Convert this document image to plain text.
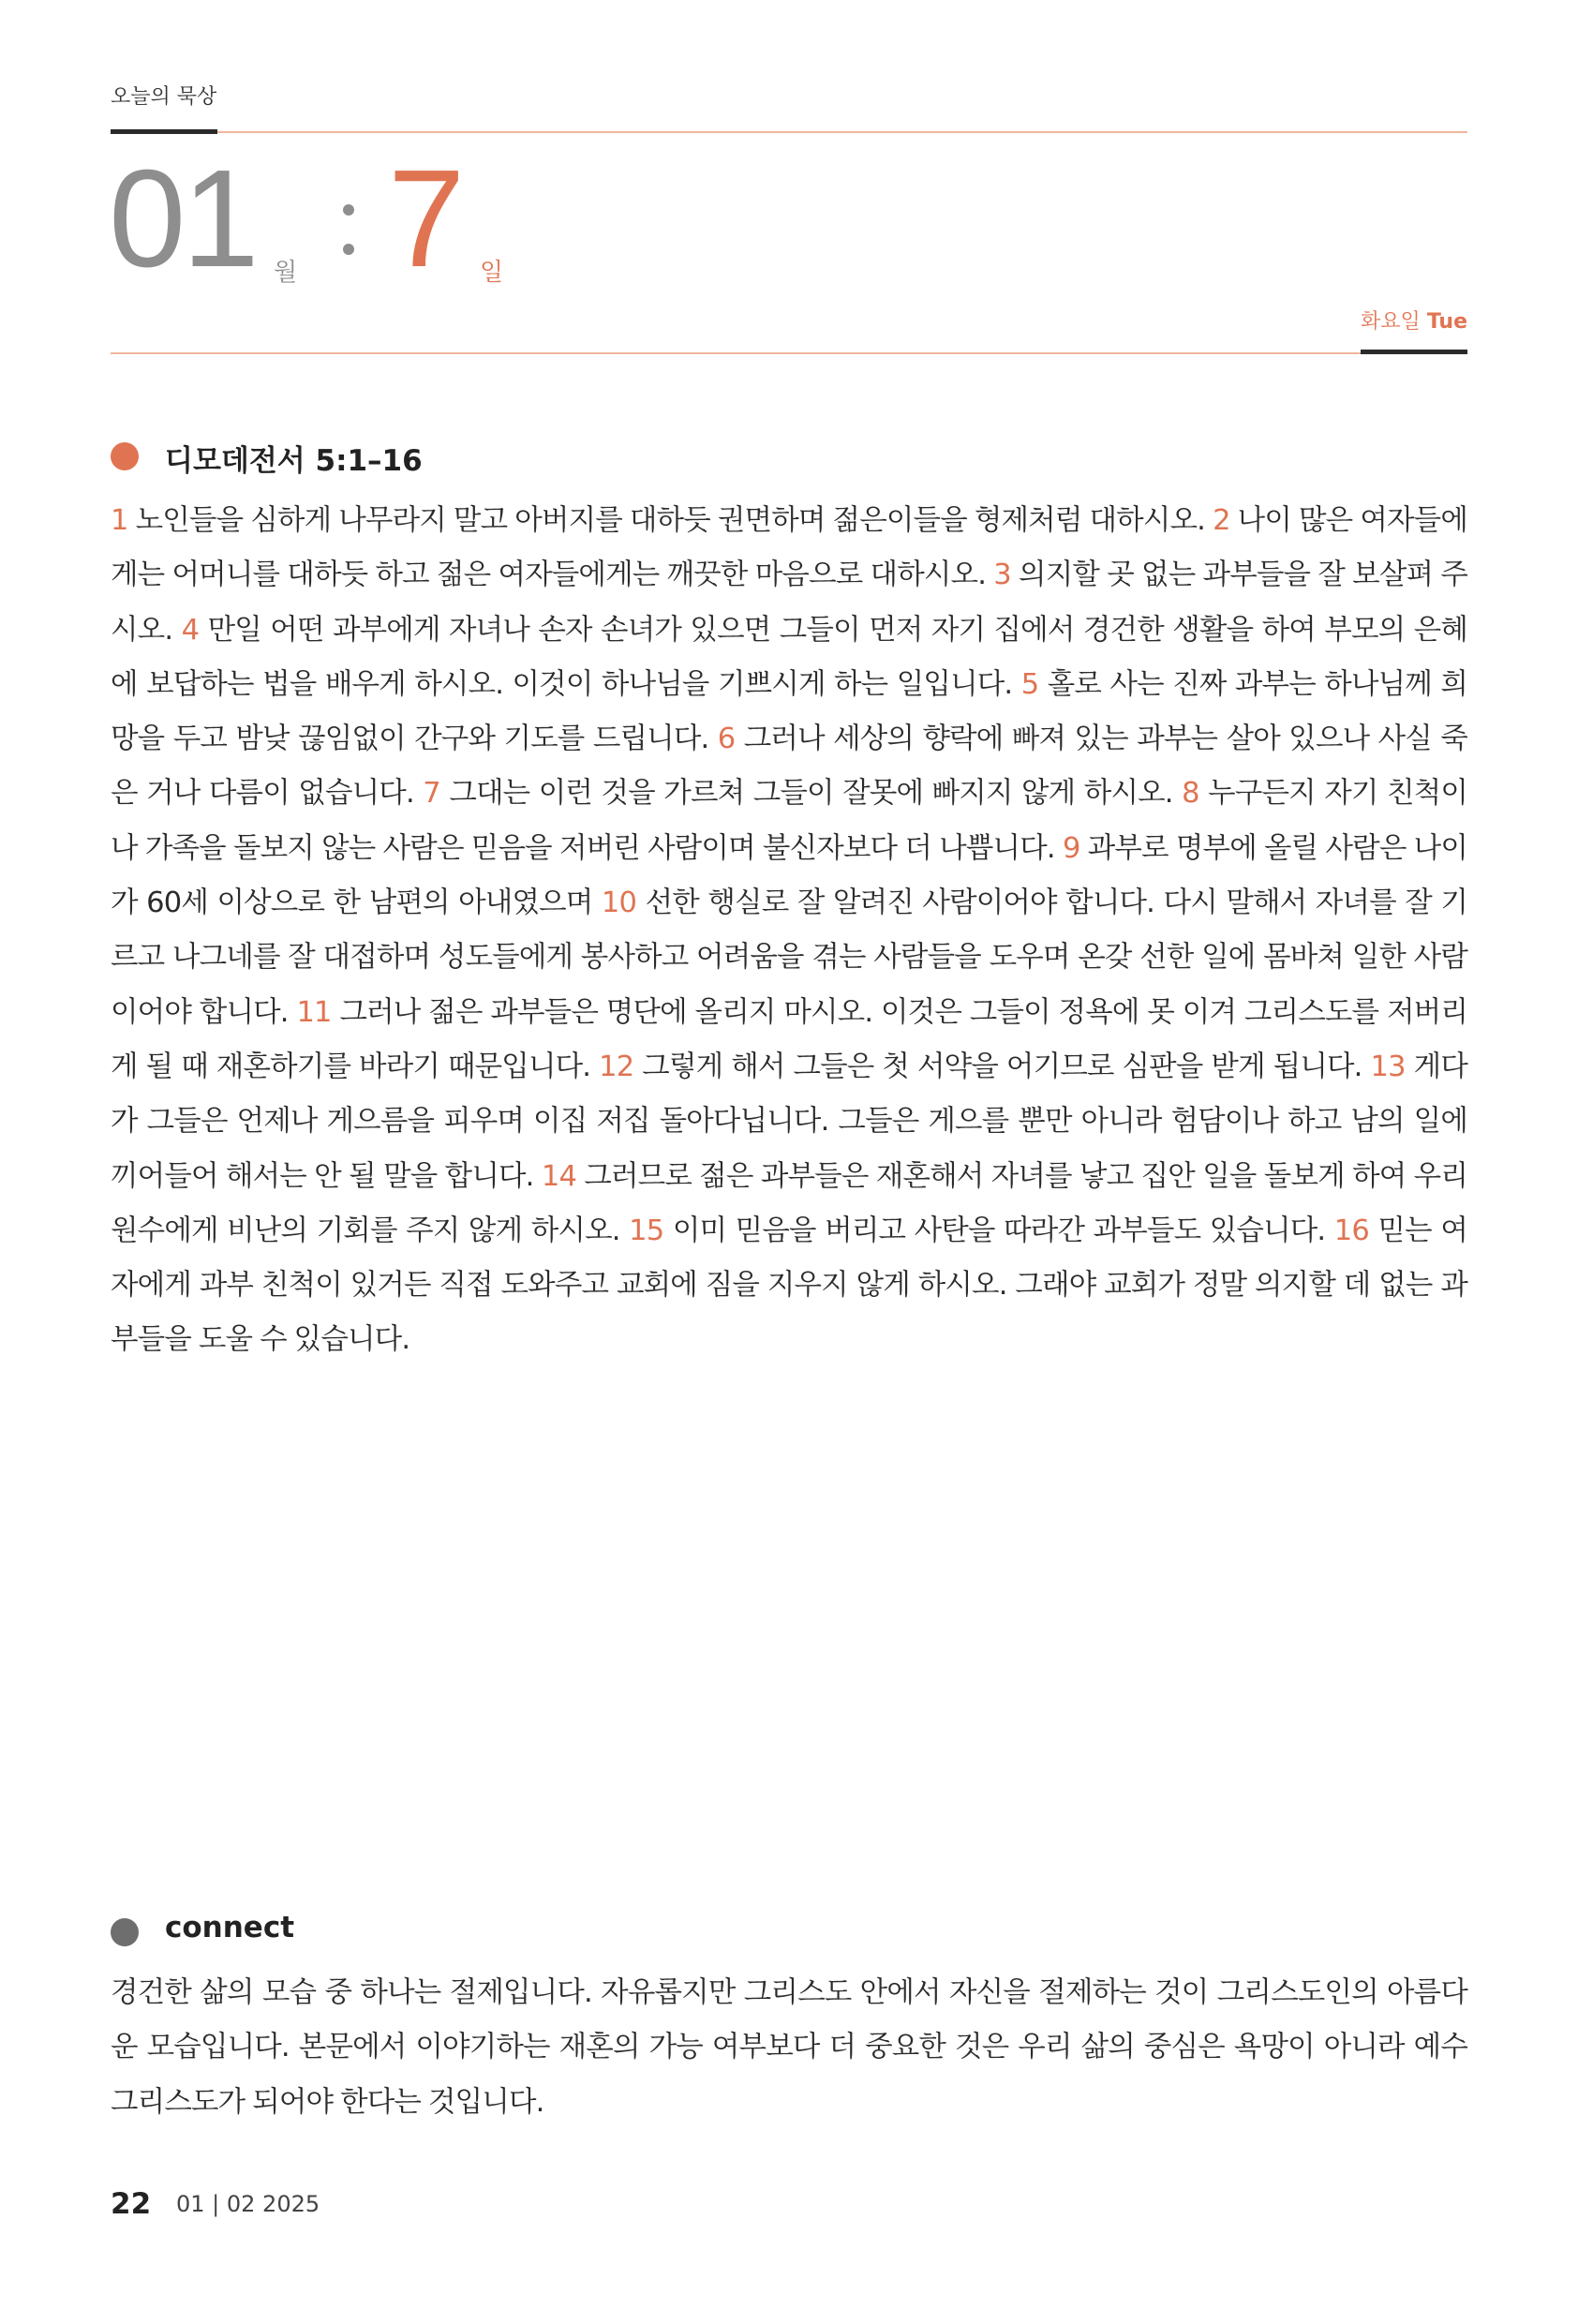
오늘의 묵상
01 월 7 일
화요일 Tue
디모데전서 5:1–16
1 노인들을 심하게 나무라지 말고 아버지를 대하듯 권면하며 젊은이들을 형제처럼 대하시오. 2 나이 많은 여자들에게는 어머니를 대하듯 하고 젊은 여자들에게는 깨끗한 마음으로 대하시오. 3 의지할 곳 없는 과부들을 잘 보살펴 주시오. 4 만일 어떤 과부에게 자녀나 손자 손녀가 있으면 그들이 먼저 자기 집에서 경건한 생활을 하여 부모의 은혜에 보답하는 법을 배우게 하시오. 이것이 하나님을 기쁘시게 하는 일입니다. 5 홀로 사는 진짜 과부는 하나님께 희망을 두고 밤낮 끊임없이 간구와 기도를 드립니다. 6 그러나 세상의 향락에 빠져 있는 과부는 살아 있으나 사실 죽은 거나 다름이 없습니다. 7 그대는 이런 것을 가르쳐 그들이 잘못에 빠지지 않게 하시오. 8 누구든지 자기 친척이나 가족을 돌보지 않는 사람은 믿음을 저버린 사람이며 불신자보다 더 나쁩니다. 9 과부로 명부에 올릴 사람은 나이가 60세 이상으로 한 남편의 아내였으며 10 선한 행실로 잘 알려진 사람이어야 합니다. 다시 말해서 자녀를 잘 기르고 나그네를 잘 대접하며 성도들에게 봉사하고 어려움을 겪는 사람들을 도우며 온갖 선한 일에 몸바쳐 일한 사람이어야 합니다. 11 그러나 젊은 과부들은 명단에 올리지 마시오. 이것은 그들이 정욕에 못 이겨 그리스도를 저버리게 될 때 재혼하기를 바라기 때문입니다. 12 그렇게 해서 그들은 첫 서약을 어기므로 심판을 받게 됩니다. 13 게다가 그들은 언제나 게으름을 피우며 이집 저집 돌아다닙니다. 그들은 게으를 뿐만 아니라 험담이나 하고 남의 일에 끼어들어 해서는 안 될 말을 합니다. 14 그러므로 젊은 과부들은 재혼해서 자녀를 낳고 집안 일을 돌보게 하여 우리 원수에게 비난의 기회를 주지 않게 하시오. 15 이미 믿음을 버리고 사탄을 따라간 과부들도 있습니다. 16 믿는 여자에게 과부 친척이 있거든 직접 도와주고 교회에 짐을 지우지 않게 하시오. 그래야 교회가 정말 의지할 데 없는 과부들을 도울 수 있습니다.
connect
경건한 삶의 모습 중 하나는 절제입니다. 자유롭지만 그리스도 안에서 자신을 절제하는 것이 그리스도인의 아름다운 모습입니다. 본문에서 이야기하는 재혼의 가능 여부보다 더 중요한 것은 우리 삶의 중심은 욕망이 아니라 예수 그리스도가 되어야 한다는 것입니다.
22 01 | 02 2025
